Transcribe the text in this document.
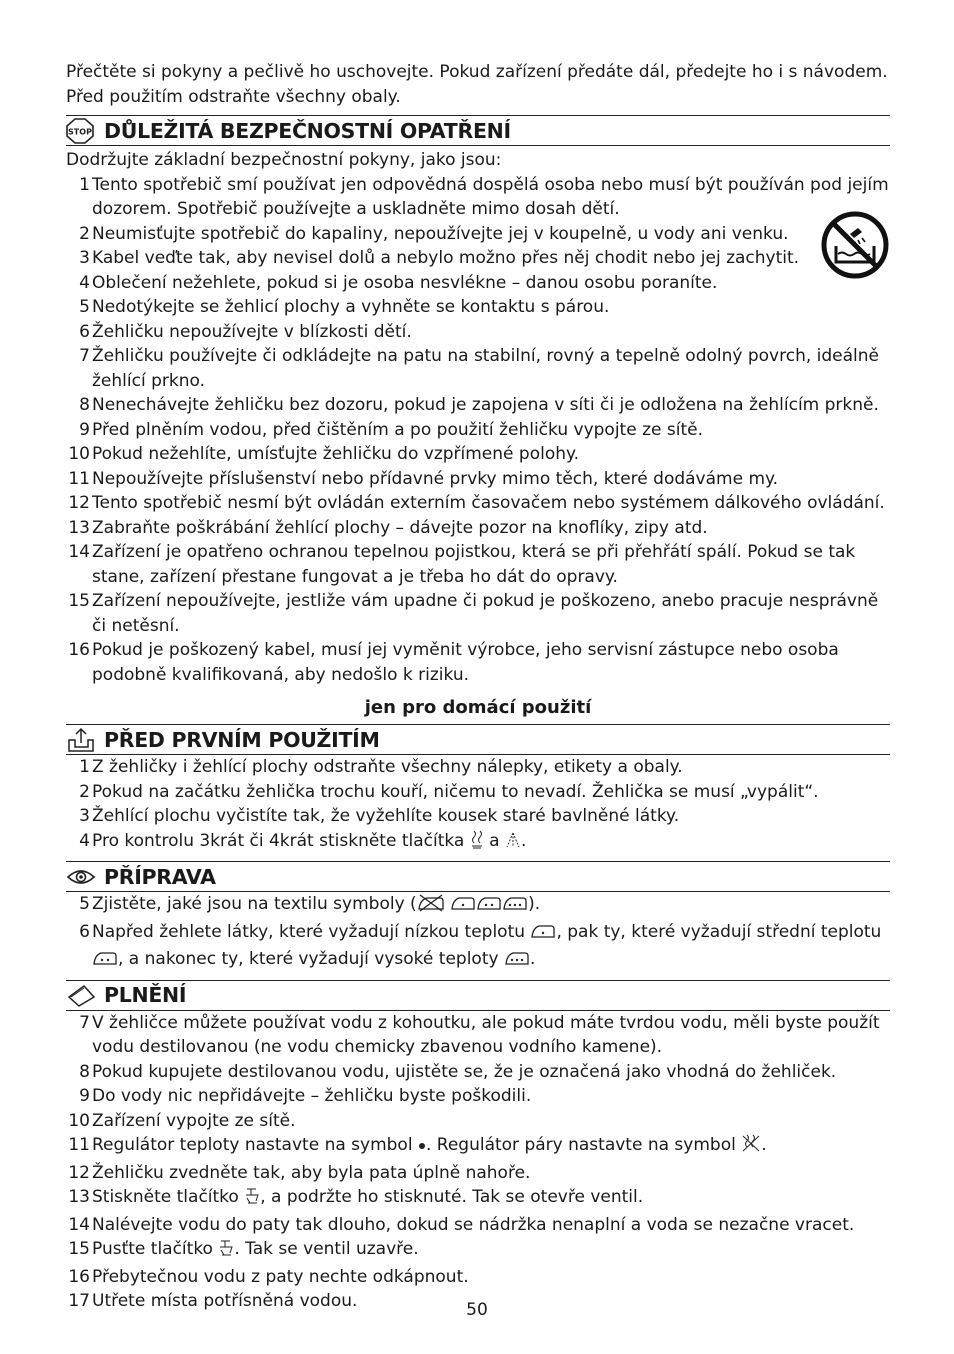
Přečtěte si pokyny a pečlivě ho uschovejte. Pokud zařízení předáte dál, předejte ho i s návodem.

Před použitím odstraňte všechny obaly.

STOP DŮLEŽITÁ BEZPEČNOSTNÍ OPATŘENÍ

Dodržujte základní bezpečnostní pokyny, jako jsou:

1 Tento spotřebič smí používat jen odpovědná dospělá osoba nebo musí být používán pod jejím dozorem. Spotřebič používejte a uskladněte mimo dosah dětí.
2 Neumisťujte spotřebič do kapaliny, nepoužívejte jej v koupelně, u vody ani venku.
3 Kabel veďte tak, aby nevisel dolů a nebylo možno přes něj chodit nebo jej zachytit.
4 Oblečení nežehlete, pokud si je osoba nesvlékne – danou osobu poraníte.
5 Nedotýkejte se žehlicí plochy a vyhněte se kontaktu s párou.
6 Žehličku nepoužívejte v blízkosti dětí.
7 Žehličku používejte či odkládejte na patu na stabilní, rovný a tepelně odolný povrch, ideálně žehlící prkno.
8 Nenechávejte žehličku bez dozoru, pokud je zapojena v síti či je odložena na žehlícím prkně.
9 Před plněním vodou, před čištěním a po použití žehličku vypojte ze sítě.
10 Pokud nežehlíte, umísťujte žehličku do vzpřímené polohy.
11 Nepoužívejte příslušenství nebo přídavné prvky mimo těch, které dodáváme my.
12 Tento spotřebič nesmí být ovládán externím časovačem nebo systémem dálkového ovládání.
13 Zabraňte poškrábání žehlící plochy – dávejte pozor na knoflíky, zipy atd.
14 Zařízení je opatřeno ochranou tepelnou pojistkou, která se při přehřátí spálí. Pokud se tak stane, zařízení přestane fungovat a je třeba ho dát do opravy.
15 Zařízení nepoužívejte, jestliže vám upadne či pokud je poškozeno, anebo pracuje nesprávně či netěsní.
16 Pokud je poškozený kabel, musí jej vyměnit výrobce, jeho servisní zástupce nebo osoba podobně kvalifikovaná, aby nedošlo k riziku.
jen pro domácí použití
PŘED PRVNÍM POUŽITÍM
1 Z žehličky i žehlící plochy odstraňte všechny nálepky, etikety a obaly.
2 Pokud na začátku žehlička trochu kouří, ničemu to nevadí. Žehlička se musí „vypálit“.
3 Žehlící plochu vyčistíte tak, že vyžehlíte kousek staré bavlněné látky.
4 Pro kontrolu 3krát či 4krát stiskněte tlačítka  a .
PŘÍPRAVA
5 Zjistěte, jaké jsou na textilu symboly (	).
6 Napřed žehlete látky, které vyžadují nízkou teplotu , pak ty, které vyžadují střední teplotu , a nakonec ty, které vyžadují vysoké teploty .
PLNĚNÍ
7 V žehličce můžete používat vodu z kohoutku, ale pokud máte tvrdou vodu, měli byste použít vodu destilovanou (ne vodu chemicky zbavenou vodního kamene).
8 Pokud kupujete destilovanou vodu, ujistěte se, že je označená jako vhodná do žehliček.
9 Do vody nic nepřidávejte – žehličku byste poškodili.
10 Zařízení vypojte ze sítě.
11 Regulátor teploty nastavte na symbol . Regulátor páry nastavte na symbol .
12 Žehličku zvedněte tak, aby byla pata úplně nahoře.
13 Stiskněte tlačítko , a podržte ho stisknuté. Tak se otevře ventil.
14 Nalévejte vodu do paty tak dlouho, dokud se nádržka nenaplní a voda se nezačne vracet.
15 Pusťte tlačítko . Tak se ventil uzavře.
16 Přebytečnou vodu z paty nechte odkápnout.
17 Utřete místa potřísněná vodou.	50
